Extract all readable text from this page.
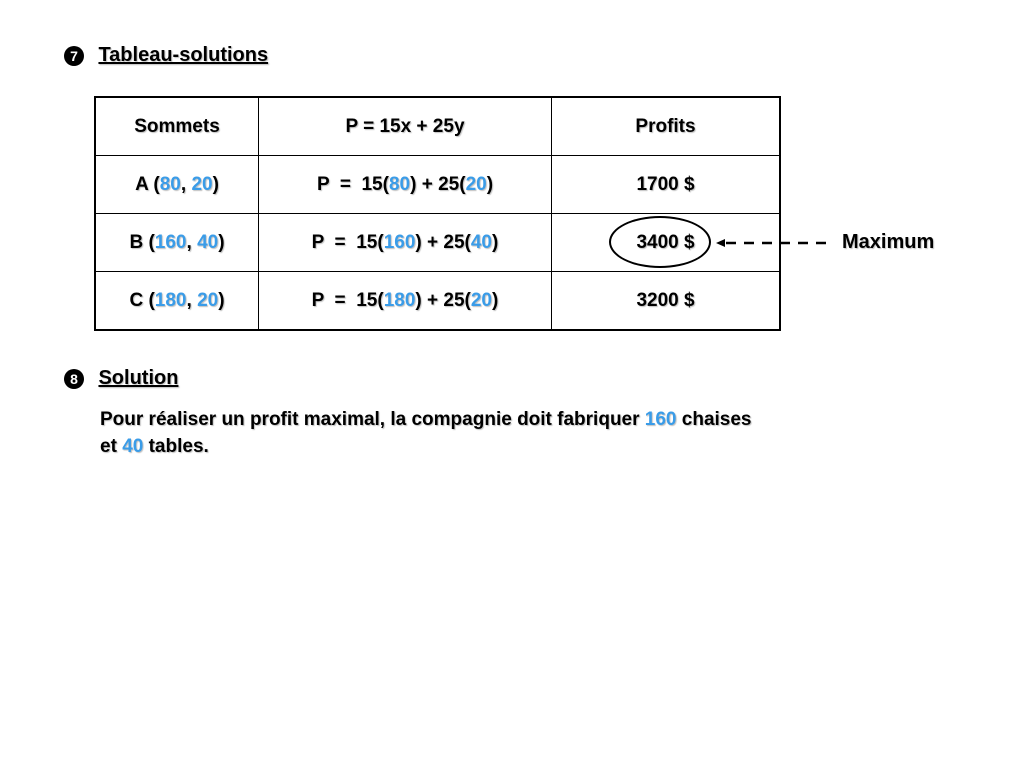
7 Tableau-solutions
Sommets	P = 15x + 25y	Profits
A (80, 20)	P  =  15(80) + 25(20)	1700 $
B (160, 40)	P  =  15(160) + 25(40)	3400 $
C (180, 20)	P  =  15(180) + 25(20)	3200 $
Maximum
8 Solution
Pour réaliser un profit maximal, la compagnie doit fabriquer 160 chaises
et 40 tables.
